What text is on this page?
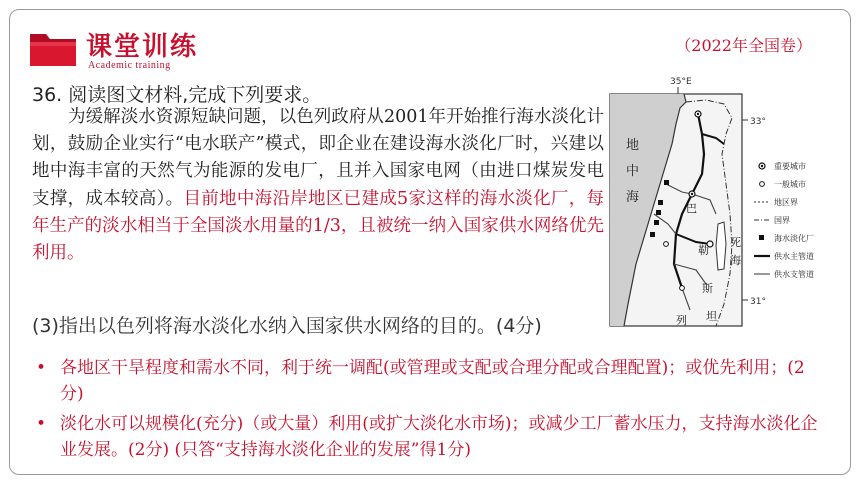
课堂训练
Academic training
（2022年全国卷）
36. 阅读图文材料,完成下列要求。
为缓解淡水资源短缺问题，以色列政府从2001年开始推行海水淡化计划，鼓励企业实行“电水联产”模式，即企业在建设海水淡化厂时，兴建以地中海丰富的天然气为能源的发电厂，且并入国家电网（由进口煤炭发电支撑，成本较高）。目前地中海沿岸地区已建成5家这样的海水淡化厂，每年生产的淡水相当于全国淡水用量的1/3，且被统一纳入国家供水网络优先利用。
(3)指出以色列将海水淡化水纳入国家供水网络的目的。(4分)
• 各地区干旱程度和需水不同，利于统一调配(或管理或支配或合理分配或合理配置)；或优先利用；(2分)
• 淡化水可以规模化(充分)（或大量）利用(或扩大淡化水市场)；或减少工厂蓄水压力，支持海水淡化企业发展。(2分) (只答“支持海水淡化企业的发展”得1分)
35°E
33°
31°
地
中
海
巴
勒
斯
坦
死
海
列
重要城市
一般城市
地区界
国界
海水淡化厂
供水主管道
供水支管道
